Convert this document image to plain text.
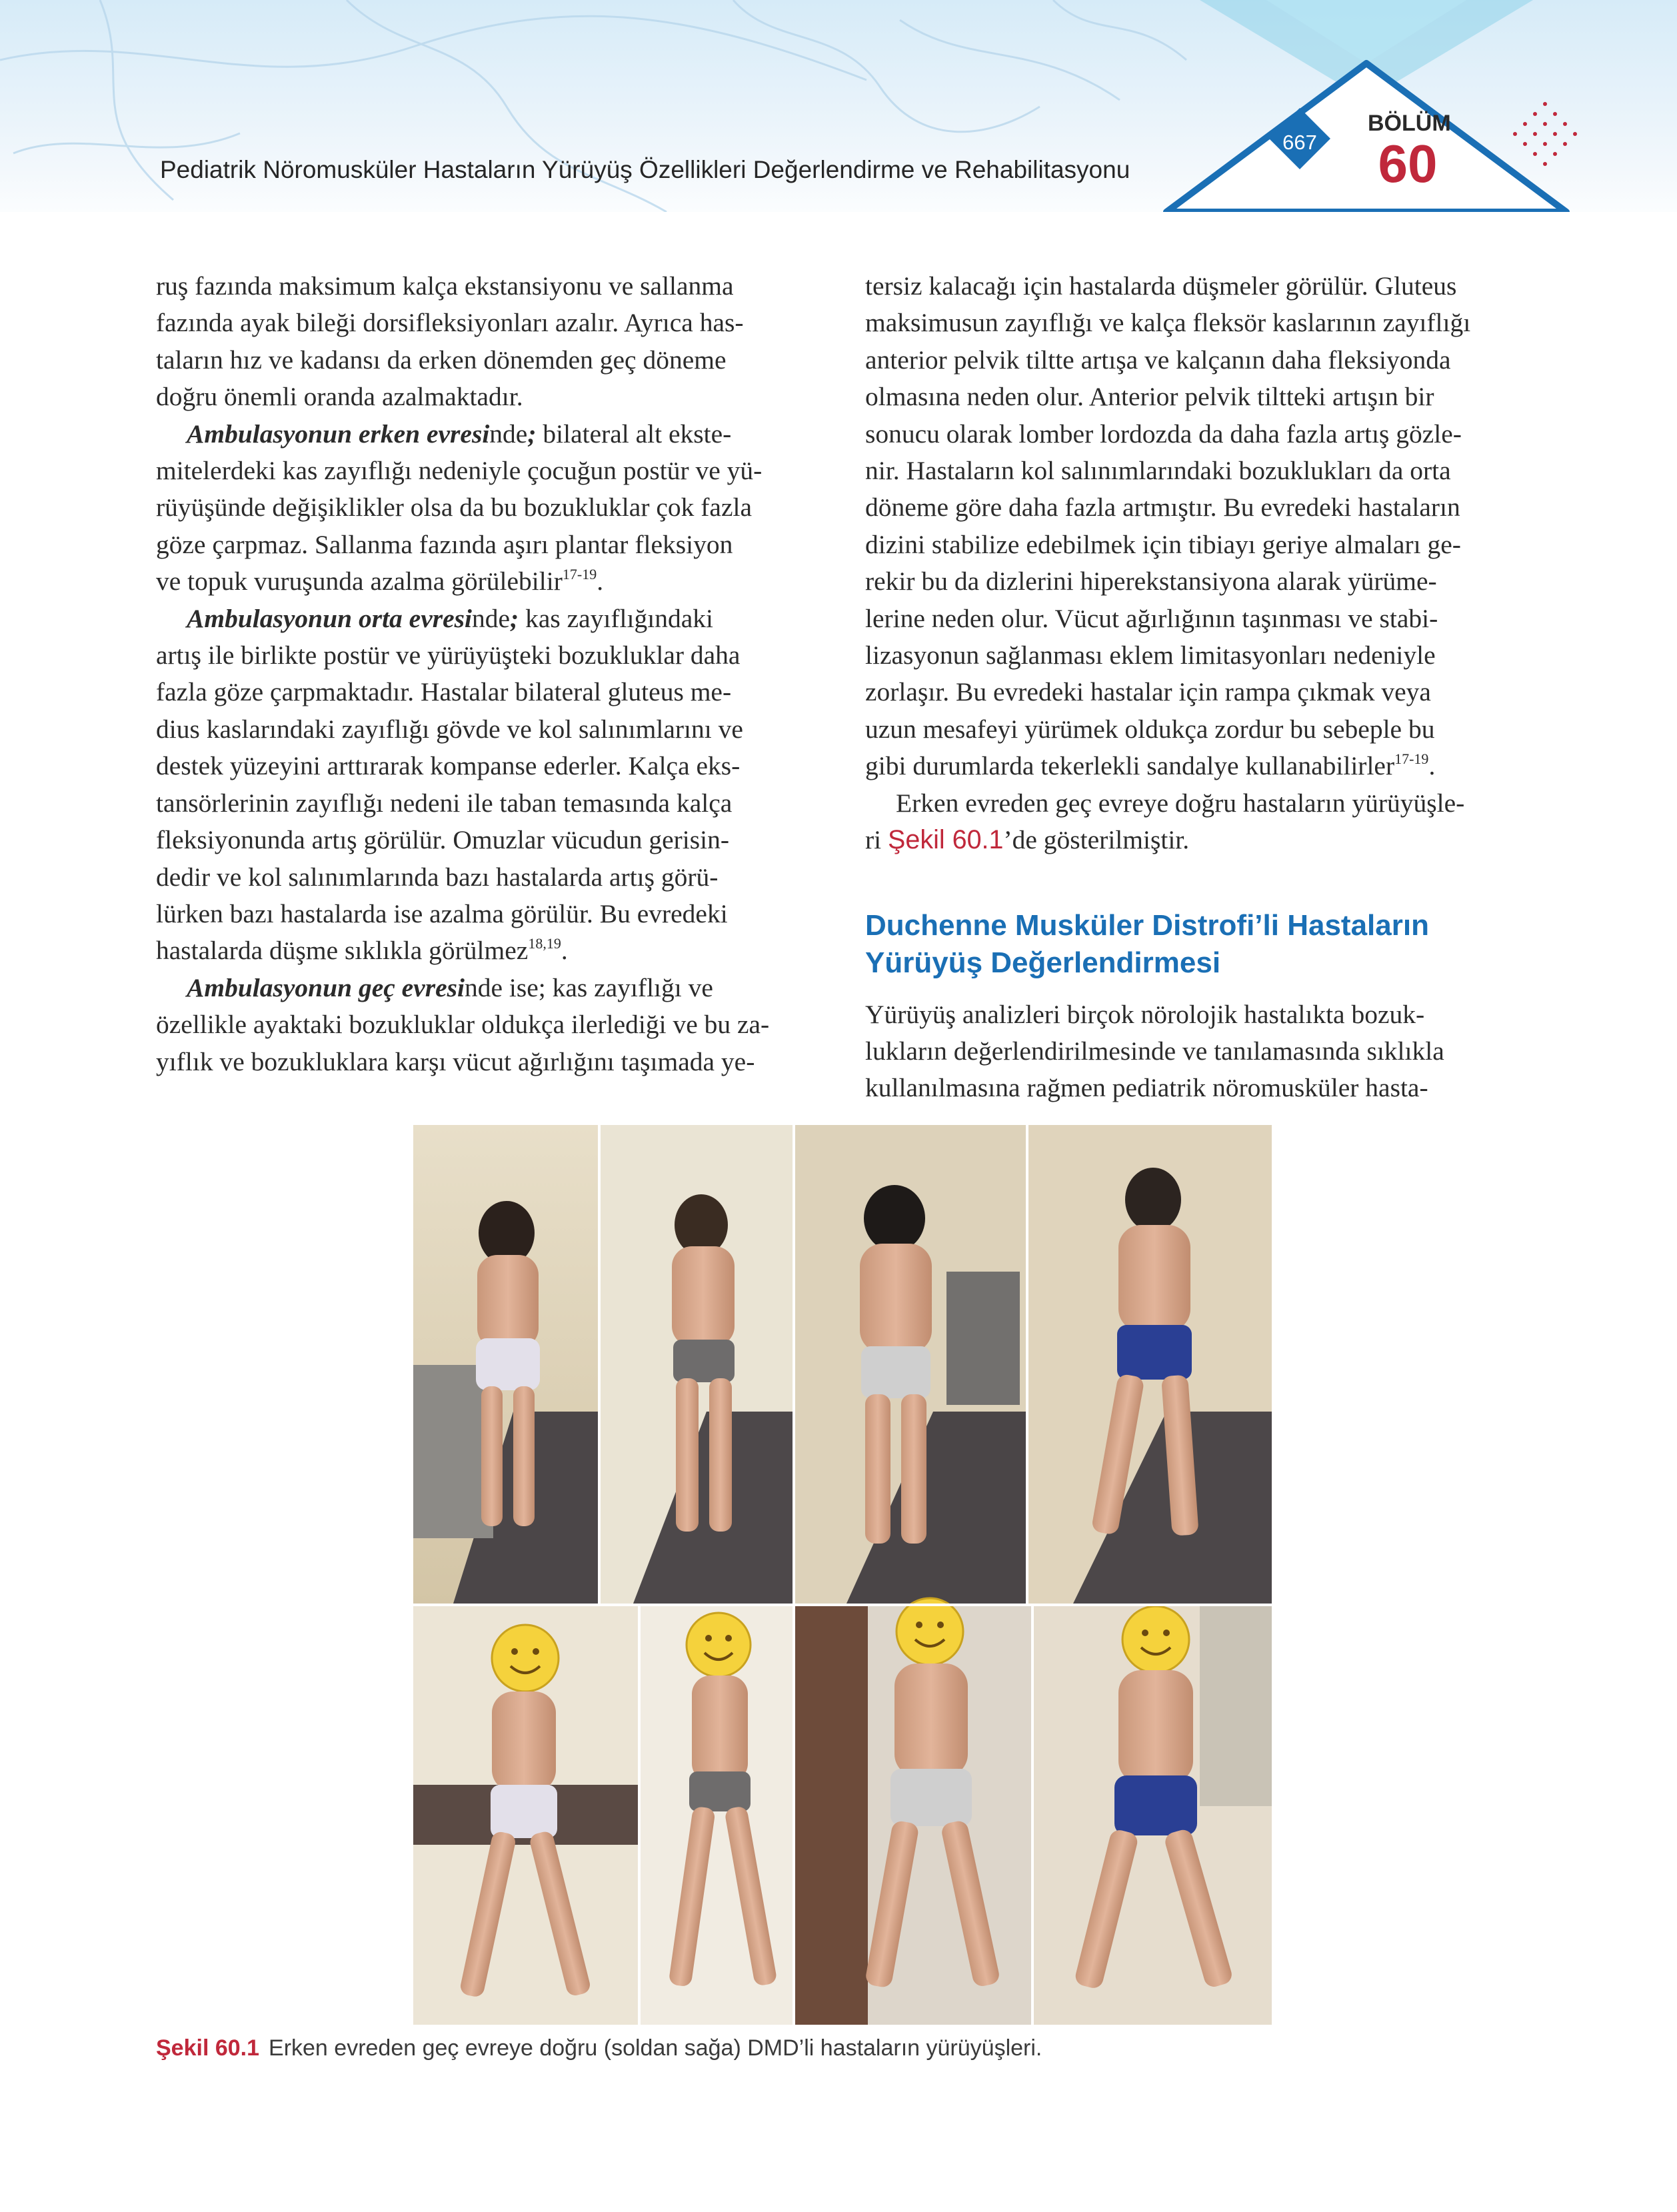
Pediatrik Nöromusküler Hastaların Yürüyüş Özellikleri Değerlendirme ve Rehabilitasyonu
667
BÖLÜM
60

ruş fazında maksimum kalça ekstansiyonu ve sallanma
fazında ayak bileği dorsifleksiyonları azalır. Ayrıca has-
taların hız ve kadansı da erken dönemden geç döneme
doğru önemli oranda azalmaktadır.

Ambulasyonun erken evresinde; bilateral alt ekste-
mitelerdeki kas zayıflığı nedeniyle çocuğun postür ve yü-
rüyüşünde değişiklikler olsa da bu bozukluklar çok fazla
göze çarpmaz. Sallanma fazında aşırı plantar fleksiyon
ve topuk vuruşunda azalma görülebilir$^{17-19}$.

Ambulasyonun orta evresinde; kas zayıflığındaki
artış ile birlikte postür ve yürüyüşteki bozukluklar daha
fazla göze çarpmaktadır. Hastalar bilateral gluteus me-
dius kaslarındaki zayıflığı gövde ve kol salınımlarını ve
destek yüzeyini arttırarak kompanse ederler. Kalça eks-
tansörlerinin zayıflığı nedeni ile taban temasında kalça
fleksiyonunda artış görülür. Omuzlar vücudun gerisin-
dedir ve kol salınımlarında bazı hastalarda artış görü-
lürken bazı hastalarda ise azalma görülür. Bu evredeki
hastalarda düşme sıklıkla görülmez$^{18,19}$.

Ambulasyonun geç evresinde ise; kas zayıflığı ve
özellikle ayaktaki bozukluklar oldukça ilerlediği ve bu za-
yıflık ve bozukluklara karşı vücut ağırlığını taşımada ye-

tersiz kalacağı için hastalarda düşmeler görülür. Gluteus
maksimusun zayıflığı ve kalça fleksör kaslarının zayıflığı
anterior pelvik tiltte artışa ve kalçanın daha fleksiyonda
olmasına neden olur. Anterior pelvik tiltteki artışın bir
sonucu olarak lomber lordozda da daha fazla artış gözle-
nir. Hastaların kol salınımlarındaki bozuklukları da orta
döneme göre daha fazla artmıştır. Bu evredeki hastaların
dizini stabilize edebilmek için tibiayı geriye almaları ge-
rekir bu da dizlerini hiperekstansiyona alarak yürüme-
lerine neden olur. Vücut ağırlığının taşınması ve stabi-
lizasyonun sağlanması eklem limitasyonları nedeniyle
zorlaşır. Bu evredeki hastalar için rampa çıkmak veya
uzun mesafeyi yürümek oldukça zordur bu sebeple bu
gibi durumlarda tekerlekli sandalye kullanabilirler$^{17-19}$.

Erken evreden geç evreye doğru hastaların yürüyüşle-
ri Şekil 60.1’de gösterilmiştir.

Duchenne Musküler Distrofi’li Hastaların
Yürüyüş Değerlendirmesi

Yürüyüş analizleri birçok nörolojik hastalıkta bozuk-
lukların değerlendirilmesinde ve tanılamasında sıklıkla
kullanılmasına rağmen pediatrik nöromusküler hasta-

Şekil 60.1 Erken evreden geç evreye doğru (soldan sağa) DMD’li hastaların yürüyüşleri.
